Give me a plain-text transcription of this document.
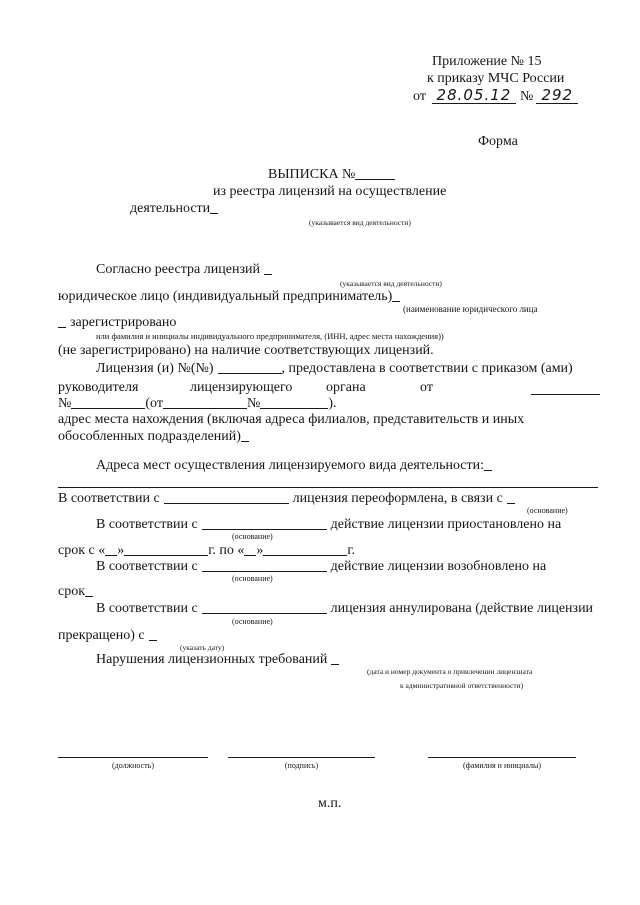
Приложение № 15
к приказу МЧС России
от 28.05.12 № 292
Форма
ВЫПИСКА №
из реестра лицензий на осуществление
деятельности
(указывается вид деятельности)
Согласно реестра лицензий
(указывается вид деятельности)
юридическое лицо (индивидуальный предприниматель)
(наименование юридического лица
зарегистрировано
или фамилия и инициалы индивидуального предпринимателя, (ИНН, адрес места нахождения))
(не зарегистрировано) на наличие соответствующих лицензий.
Лицензия (и) №(№)	, предоставлена в соответствии с приказом (ами)
руководителя	лицензирующего органа	от
№	(от	№	).
адрес места нахождения (включая адреса филиалов, представительств и иных
обособленных подразделений)
Адреса мест осуществления лицензируемого вида деятельности:
В соответствии с	лицензия переоформлена, в связи с
(основание)
В соответствии с	действие лицензии приостановлено на
(основание)
срок с « »	г. по « »	г.
В соответствии с	действие лицензии возобновлено на
(основание)
срок
В соответствии с	лицензия аннулирована (действие лицензии
(основание)
прекращено) с
(указать дату)
Нарушения лицензионных требований
(дата и номер документа о привлечении лицензиата
к административной ответственности)
(должность)	(подпись)	(фамилия и инициалы)
м.п.
